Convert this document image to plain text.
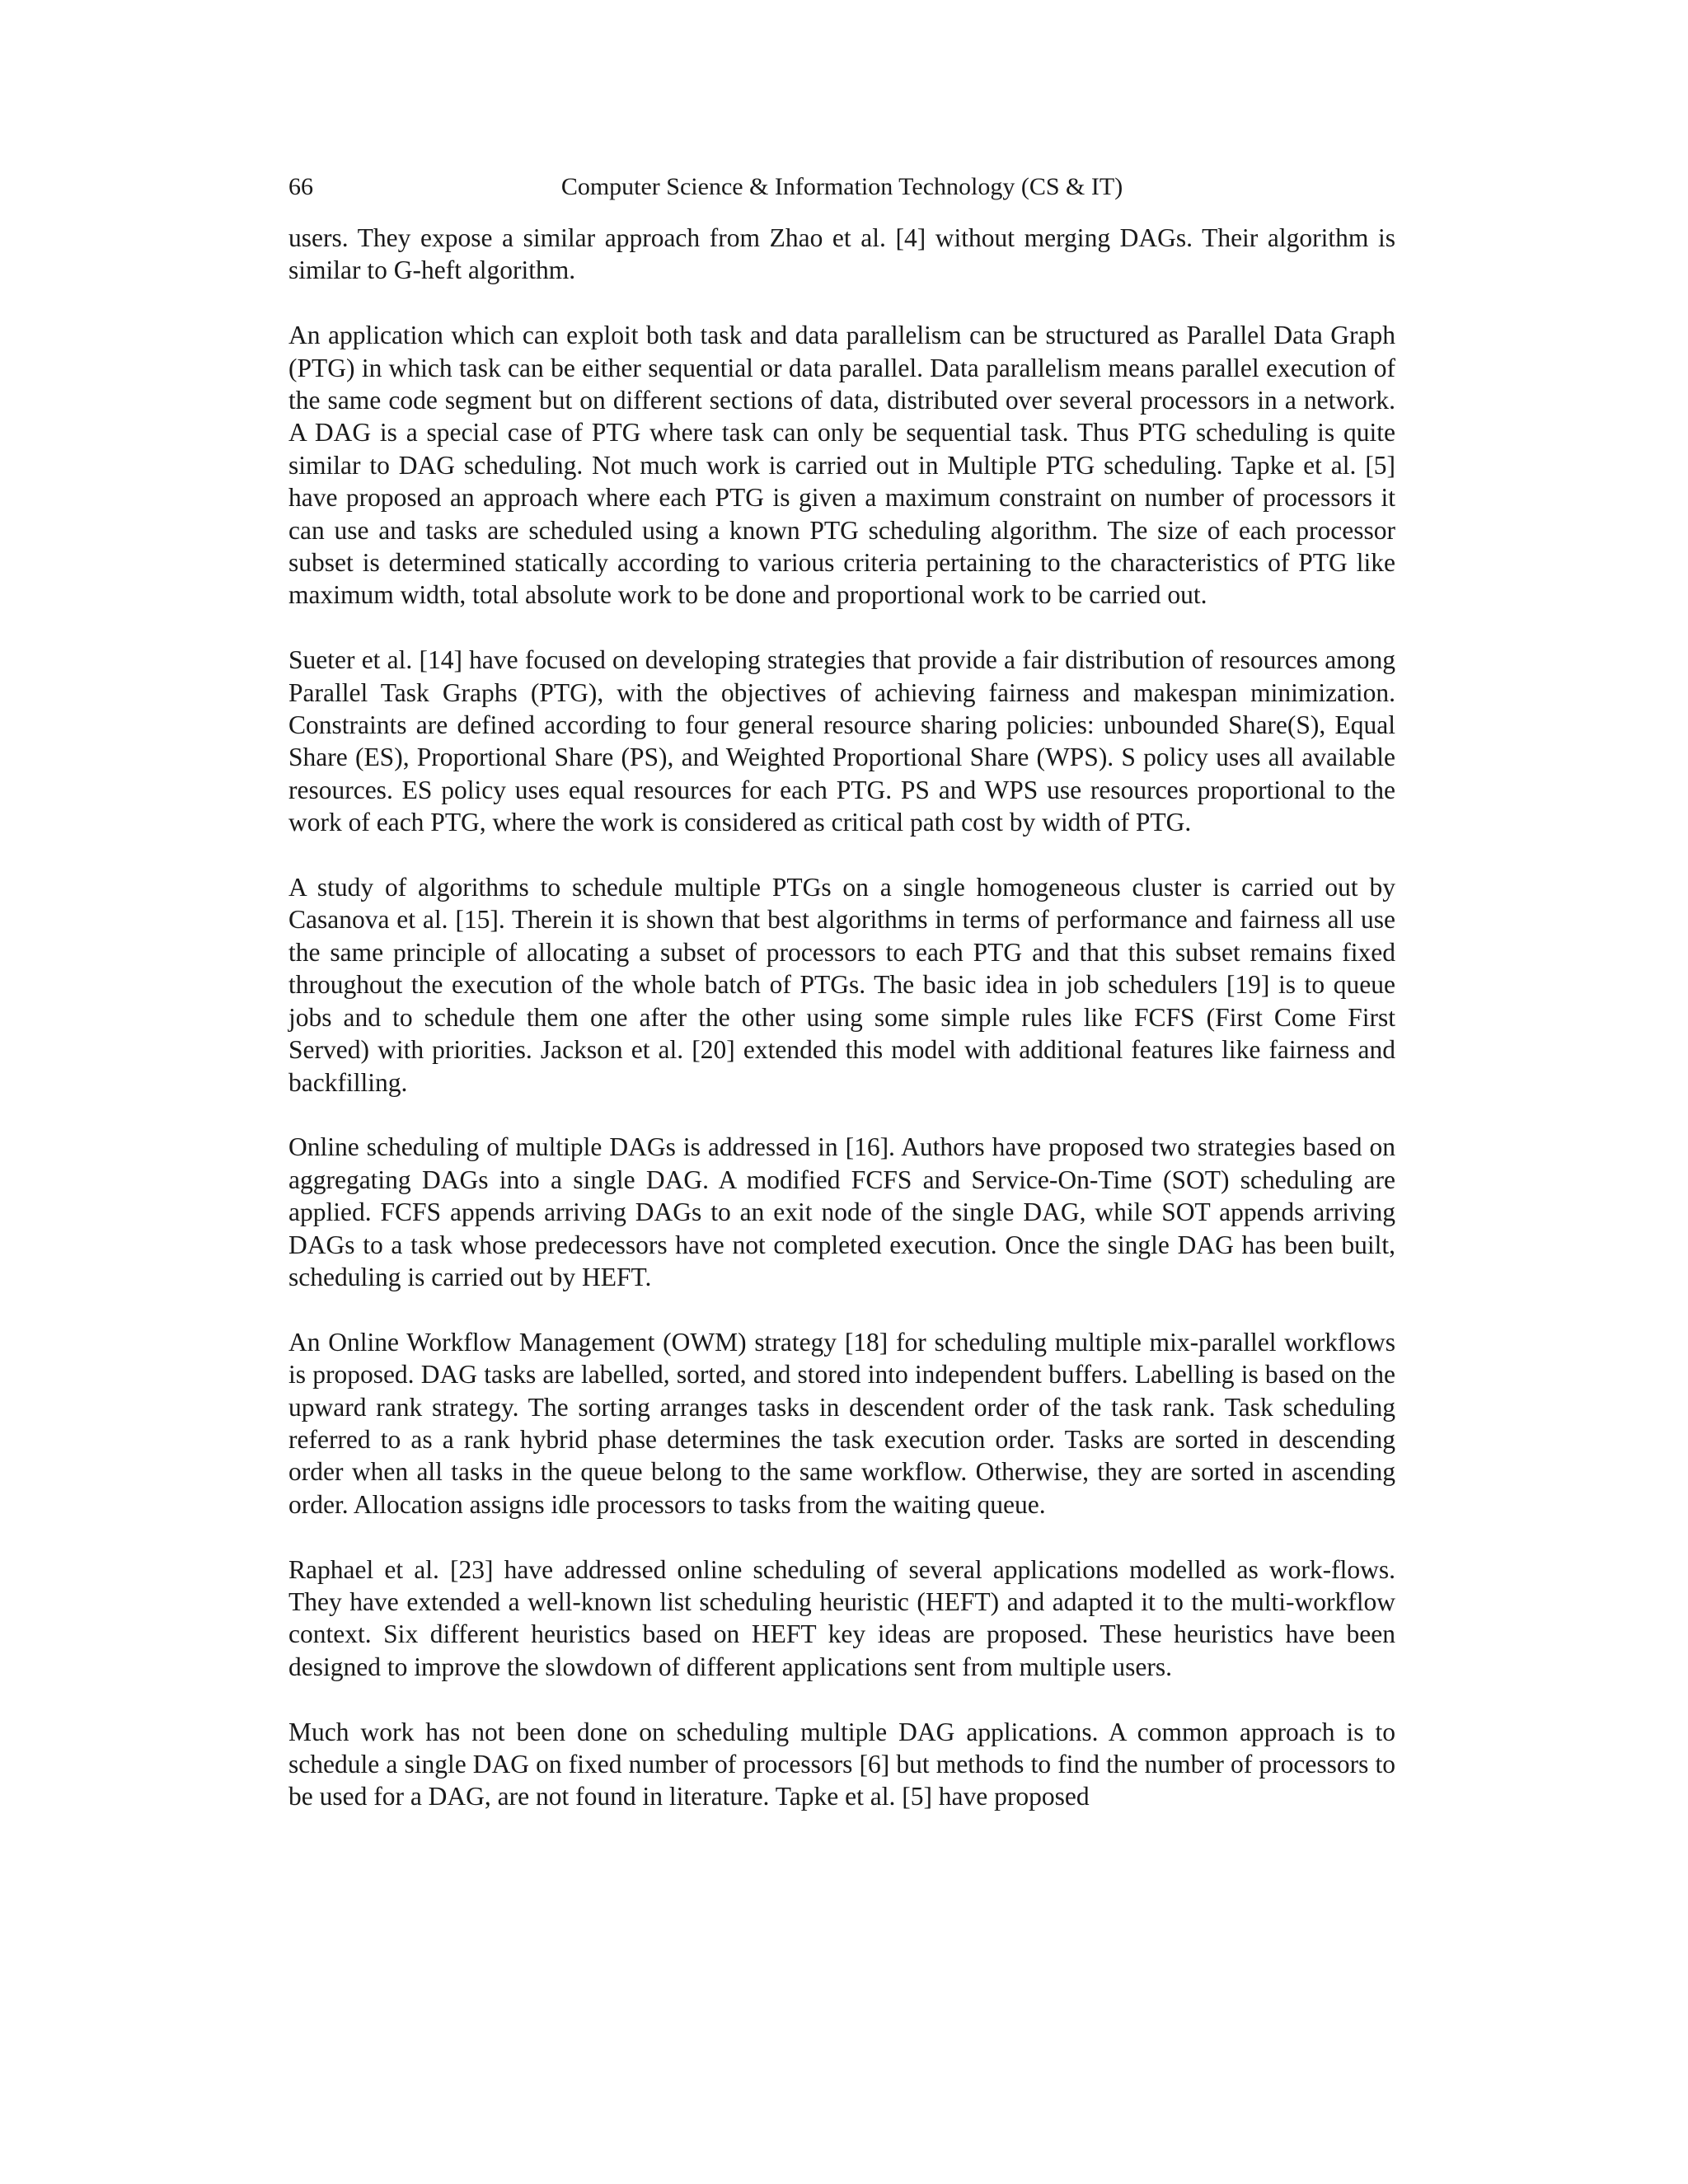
66	Computer Science & Information Technology (CS & IT)

users. They expose a similar approach from Zhao et al. [4] without merging DAGs. Their algorithm is similar to G-heft algorithm.

An application which can exploit both task and data parallelism can be structured as Parallel Data Graph (PTG) in which task can be either sequential or data parallel. Data parallelism means parallel execution of the same code segment but on different sections of data, distributed over several processors in a network. A DAG is a special case of PTG where task can only be sequential task. Thus PTG scheduling is quite similar to DAG scheduling. Not much work is carried out in Multiple PTG scheduling. Tapke et al. [5] have proposed an approach where each PTG is given a maximum constraint on number of processors it can use and tasks are scheduled using a known PTG scheduling algorithm. The size of each processor subset is determined statically according to various criteria pertaining to the characteristics of PTG like maximum width, total absolute work to be done and proportional work to be carried out.

Sueter et al. [14] have focused on developing strategies that provide a fair distribution of resources among Parallel Task Graphs (PTG), with the objectives of achieving fairness and makespan minimization. Constraints are defined according to four general resource sharing policies: unbounded Share(S), Equal Share (ES), Proportional Share (PS), and Weighted Proportional Share (WPS). S policy uses all available resources. ES policy uses equal resources for each PTG. PS and WPS use resources proportional to the work of each PTG, where the work is considered as critical path cost by width of PTG.

A study of algorithms to schedule multiple PTGs on a single homogeneous cluster is carried out by Casanova et al. [15]. Therein it is shown that best algorithms in terms of performance and fairness all use the same principle of allocating a subset of processors to each PTG and that this subset remains fixed throughout the execution of the whole batch of PTGs. The basic idea in job schedulers [19] is to queue jobs and to schedule them one after the other using some simple rules like FCFS (First Come First Served) with priorities. Jackson et al. [20] extended this model with additional features like fairness and backfilling.

Online scheduling of multiple DAGs is addressed in [16]. Authors have proposed two strategies based on aggregating DAGs into a single DAG. A modified FCFS and Service-On-Time (SOT) scheduling are applied. FCFS appends arriving DAGs to an exit node of the single DAG, while SOT appends arriving DAGs to a task whose predecessors have not completed execution. Once the single DAG has been built, scheduling is carried out by HEFT.

An Online Workflow Management (OWM) strategy [18] for scheduling multiple mix-parallel workflows is proposed. DAG tasks are labelled, sorted, and stored into independent buffers. Labelling is based on the upward rank strategy. The sorting arranges tasks in descendent order of the task rank. Task scheduling referred to as a rank hybrid phase determines the task execution order. Tasks are sorted in descending order when all tasks in the queue belong to the same workflow. Otherwise, they are sorted in ascending order. Allocation assigns idle processors to tasks from the waiting queue.

Raphael et al. [23] have addressed online scheduling of several applications modelled as work-flows. They have extended a well-known list scheduling heuristic (HEFT) and adapted it to the multi-workflow context. Six different heuristics based on HEFT key ideas are proposed. These heuristics have been designed to improve the slowdown of different applications sent from multiple users.

Much work has not been done on scheduling multiple DAG applications. A common approach is to schedule a single DAG on fixed number of processors [6] but methods to find the number of processors to be used for a DAG, are not found in literature. Tapke et al. [5] have proposed
